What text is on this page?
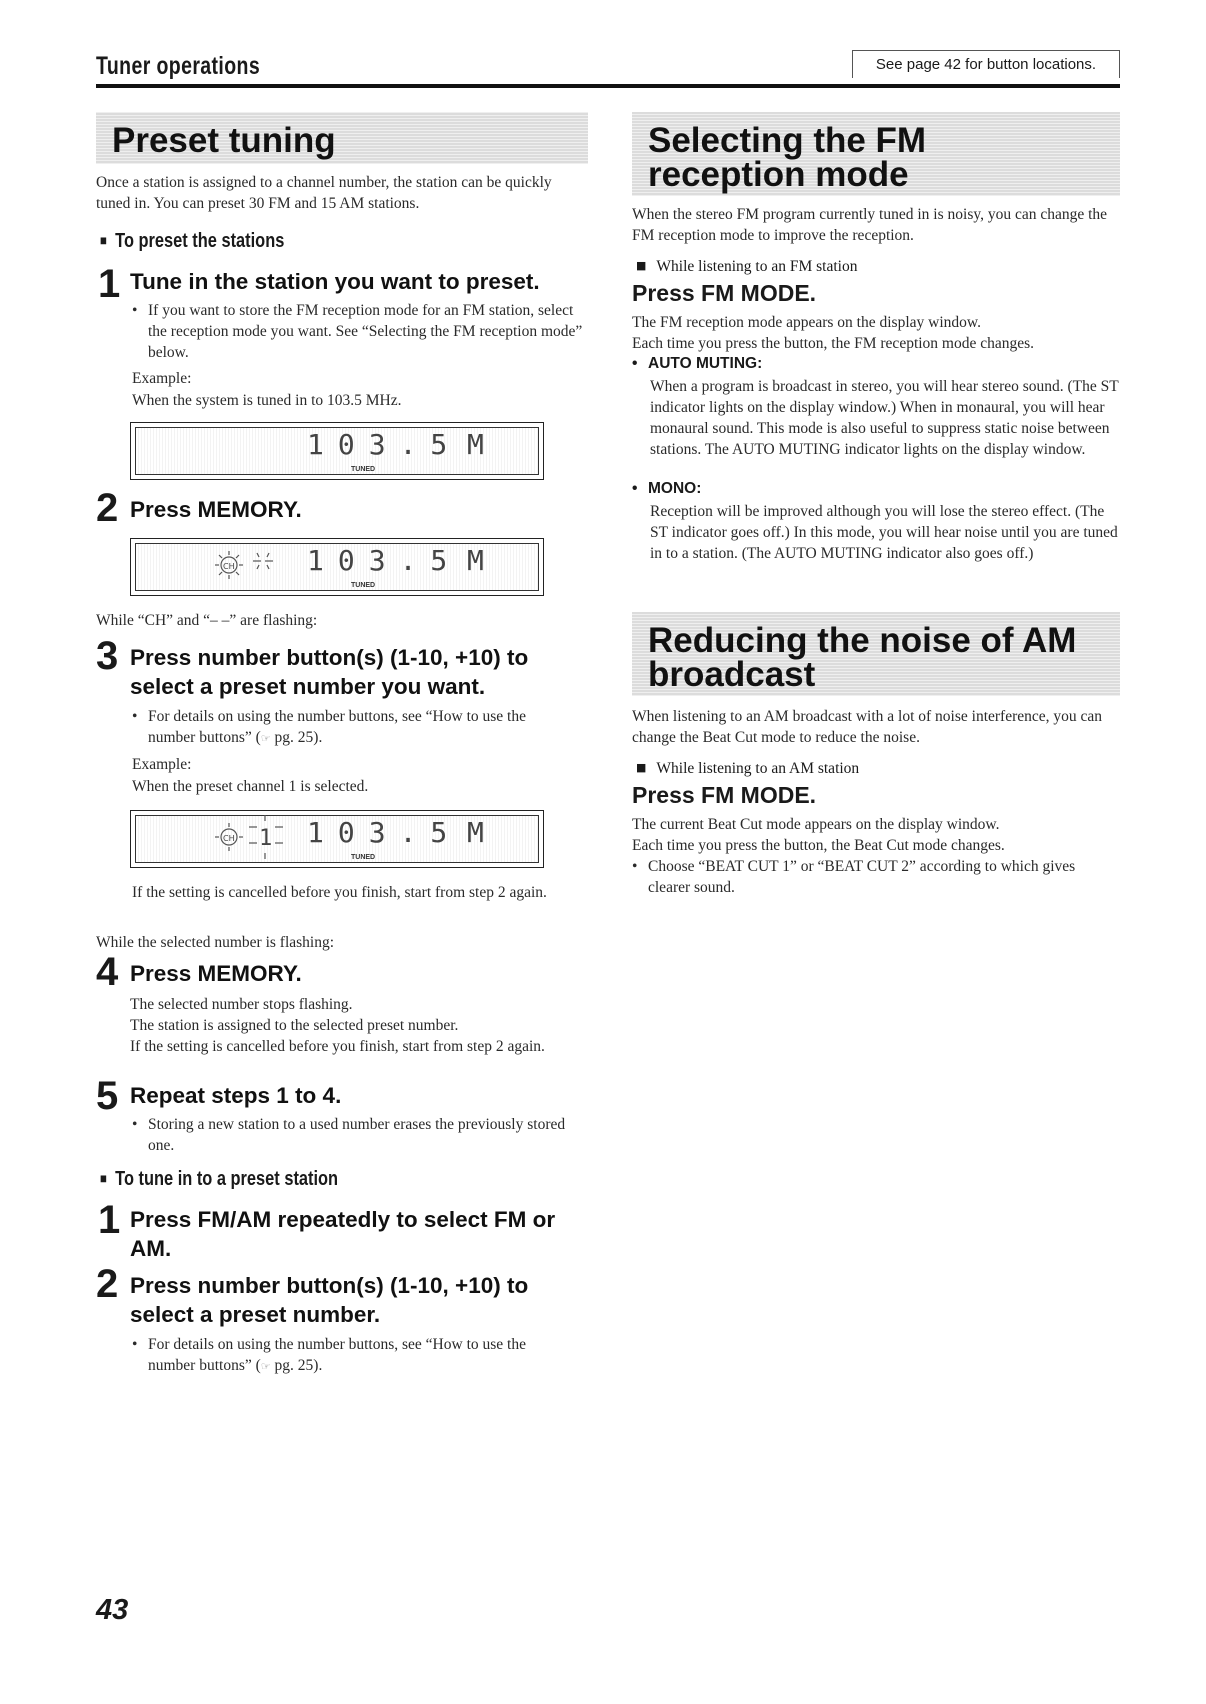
Tuner operations	See page 42 for button locations.
Preset tuning
Once a station is assigned to a channel number, the station can be quickly tuned in. You can preset 30 FM and 15 AM stations.
■ To preset the stations
1 Tune in the station you want to preset.
• If you want to store the FM reception mode for an FM station, select the reception mode you want. See “Selecting the FM reception mode” below.
Example:
When the system is tuned in to 103.5 MHz.
103.5 M
TUNED
2 Press MEMORY.
CH	103.5 M
TUNED
While “CH” and “– –” are flashing:
3 Press number button(s) (1-10, +10) to
select a preset number you want.
• For details on using the number buttons, see “How to use the
number buttons” (☞ pg. 25).
Example:
When the preset channel 1 is selected.
CH 1 103.5 M
TUNED
If the setting is cancelled before you finish, start from step 2 again.
While the selected number is flashing:
4 Press MEMORY.
The selected number stops flashing.
The station is assigned to the selected preset number.
If the setting is cancelled before you finish, start from step 2 again.
5 Repeat steps 1 to 4.
• Storing a new station to a used number erases the previously stored one.
■ To tune in to a preset station
1 Press FM/AM repeatedly to select FM or
AM.
2 Press number button(s) (1-10, +10) to
select a preset number.
• For details on using the number buttons, see “How to use the
number buttons” (☞ pg. 25).
Selecting the FM
reception mode
When the stereo FM program currently tuned in is noisy, you can change the FM reception mode to improve the reception.
■ While listening to an FM station
Press FM MODE.
The FM reception mode appears on the display window.
Each time you press the button, the FM reception mode changes.
• AUTO MUTING:
When a program is broadcast in stereo, you will hear stereo sound. (The ST indicator lights on the display window.) When in monaural, you will hear monaural sound. This mode is also useful to suppress static noise between stations. The AUTO MUTING indicator lights on the display window.
• MONO:
Reception will be improved although you will lose the stereo effect. (The ST indicator goes off.) In this mode, you will hear noise until you are tuned in to a station. (The AUTO MUTING indicator also goes off.)
Reducing the noise of AM
broadcast
When listening to an AM broadcast with a lot of noise interference, you can change the Beat Cut mode to reduce the noise.
■ While listening to an AM station
Press FM MODE.
The current Beat Cut mode appears on the display window.
Each time you press the button, the Beat Cut mode changes.
• Choose “BEAT CUT 1” or “BEAT CUT 2” according to which gives clearer sound.
43
